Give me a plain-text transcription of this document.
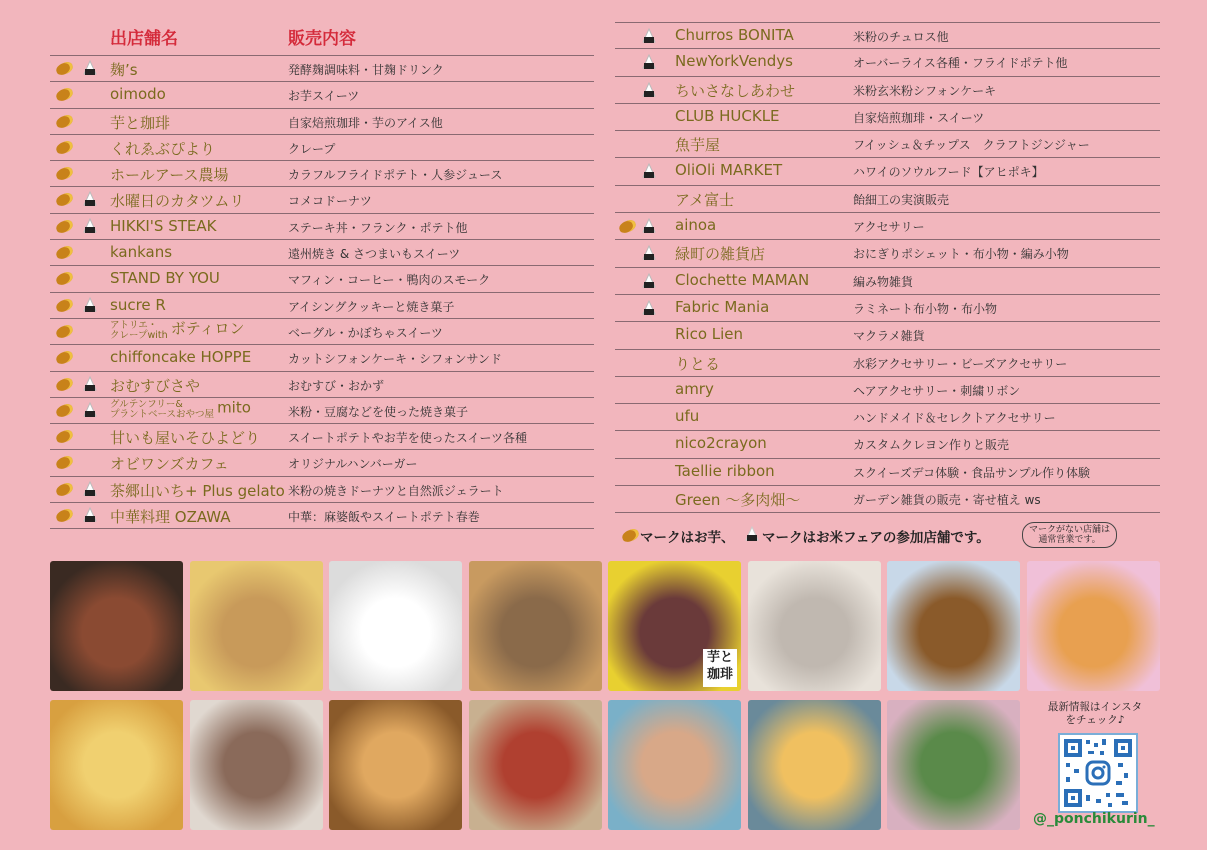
出店舗名	販売内容
麹’s	発酵麹調味料・甘麹ドリンク
oimodo	お芋スイーツ
芋と珈琲	自家焙煎珈琲・芋のアイス他
くれゑぶぴより	クレープ
ホールアース農場	カラフルフライドポテト・人参ジュース
水曜日のカタツムリ	コメコドーナツ
HIKKI'S STEAK	ステーキ丼・フランク・ポテト他
kankans	遠州焼き & さつまいもスイーツ
STAND BY YOU	マフィン・コーヒー・鴨肉のスモーク
sucre R	アイシングクッキーと焼き菓子
アトリエ・
クレープwith ボティロン	ベーグル・かぼちゃスイーツ
chiffoncake HOPPE	カットシフォンケーキ・シフォンサンド
おむすびさや	おむすび・おかず
グルテンフリー&
プラントベースおやつ屋 mito	米粉・豆腐などを使った焼き菓子
甘いも屋いそひよどり スイートポテトやお芋を使ったスイーツ各種
オビワンズカフェ	オリジナルハンバーガー
茶郷山いち+ Plus gelato 米粉の焼きドーナツと自然派ジェラート
中華料理 OZAWA	中華：麻婆飯やスイートポテト春巻
Churros BONITA	米粉のチュロス他
NewYorkVendys	オーバーライス各種・フライドポテト他
ちいさなしあわせ	米粉玄米粉シフォンケーキ
CLUB HUCKLE	自家焙煎珈琲・スイーツ
魚芋屋	フイッシュ＆チップス　クラフトジンジャー
OliOli MARKET	ハワイのソウルフード【アヒポキ】
アメ富士	飴細工の実演販売
ainoa	アクセサリー
緑町の雑貨店	おにぎりポシェット・布小物・編み小物
Clochette MAMAN	編み物雑貨
Fabric Mania	ラミネート布小物・布小物
Rico Lien	マクラメ雑貨
りとる	水彩アクセサリー・ビーズアクセサリー
amry	ヘアアクセサリー・刺繍リボン
ufu	ハンドメイド＆セレクトアクセサリー
nico2crayon	カスタムクレヨン作りと販売
Taellie ribbon	スクイーズデコ体験・食品サンプル作り体験
Green 〜多肉畑〜	ガーデン雑貨の販売・寄せ植え ws
マークはお芋、 マークはお米フェアの参加店舗です。	マークがない店舗は
通常営業です。
芋と珈琲
最新情報はインスタ
をチェック♪
@_ponchikurin_
